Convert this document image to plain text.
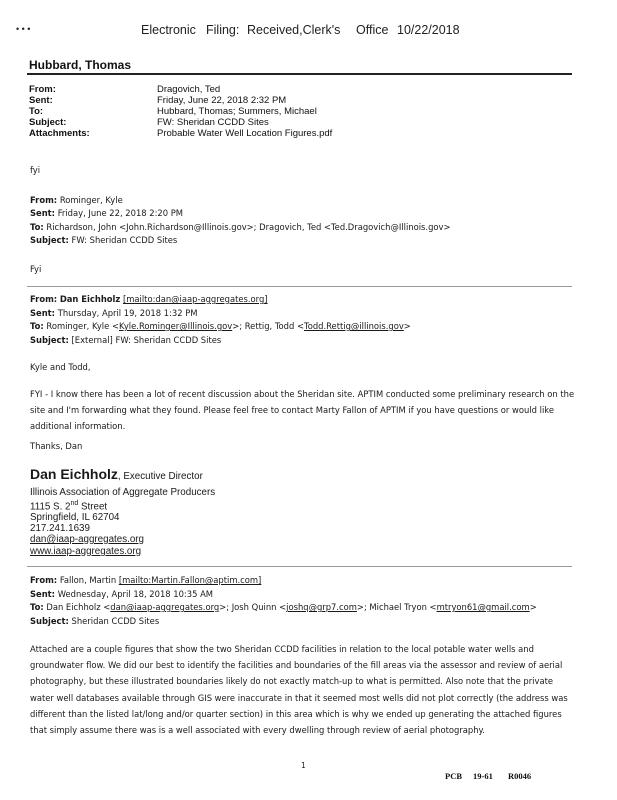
• • •	Electronic Filing: Received,Clerk's Office 10/22/2018
Hubbard, Thomas
From:	Dragovich, Ted
Sent:	Friday, June 22, 2018 2:32 PM
To:	Hubbard, Thomas; Summers, Michael
Subject:	FW: Sheridan CCDD Sites
Attachments:	Probable Water Well Location Figures.pdf
fyi
From: Rominger, Kyle
Sent: Friday, June 22, 2018 2:20 PM
To: Richardson, John <John.Richardson@Illinois.gov>; Dragovich, Ted <Ted.Dragovich@Illinois.gov>
Subject: FW: Sheridan CCDD Sites
Fyi
From: Dan Eichholz [mailto:dan@iaap-aggregates.org]
Sent: Thursday, April 19, 2018 1:32 PM
To: Rominger, Kyle <Kyle.Rominger@Illinois.gov>; Rettig, Todd <Todd.Rettig@illinois.gov>
Subject: [External] FW: Sheridan CCDD Sites
Kyle and Todd,
FYI - I know there has been a lot of recent discussion about the Sheridan site. APTIM conducted some preliminary research on the site and I'm forwarding what they found. Please feel free to contact Marty Fallon of APTIM if you have questions or would like additional information.
Thanks, Dan
Dan Eichholz, Executive Director
Illinois Association of Aggregate Producers
1115 S. 2nd Street
Springfield, IL 62704
217.241.1639
dan@iaap-aggregates.org
www.iaap-aggregates.org
From: Fallon, Martin [mailto:Martin.Fallon@aptim.com]
Sent: Wednesday, April 18, 2018 10:35 AM
To: Dan Eichholz <dan@iaap-aggregates.org>; Josh Quinn <joshq@grp7.com>; Michael Tryon <mtryon61@gmail.com>
Subject: Sheridan CCDD Sites
Attached are a couple figures that show the two Sheridan CCDD facilities in relation to the local potable water wells and groundwater flow. We did our best to identify the facilities and boundaries of the fill areas via the assessor and review of aerial photography, but these illustrated boundaries likely do not exactly match-up to what is permitted. Also note that the private water well databases available through GIS were inaccurate in that it seemed most wells did not plot correctly (the address was different than the listed lat/long and/or quarter section) in this area which is why we ended up generating the attached figures that simply assume there was is a well associated with every dwelling through review of aerial photography.
1
PCB 19-61 R0046
